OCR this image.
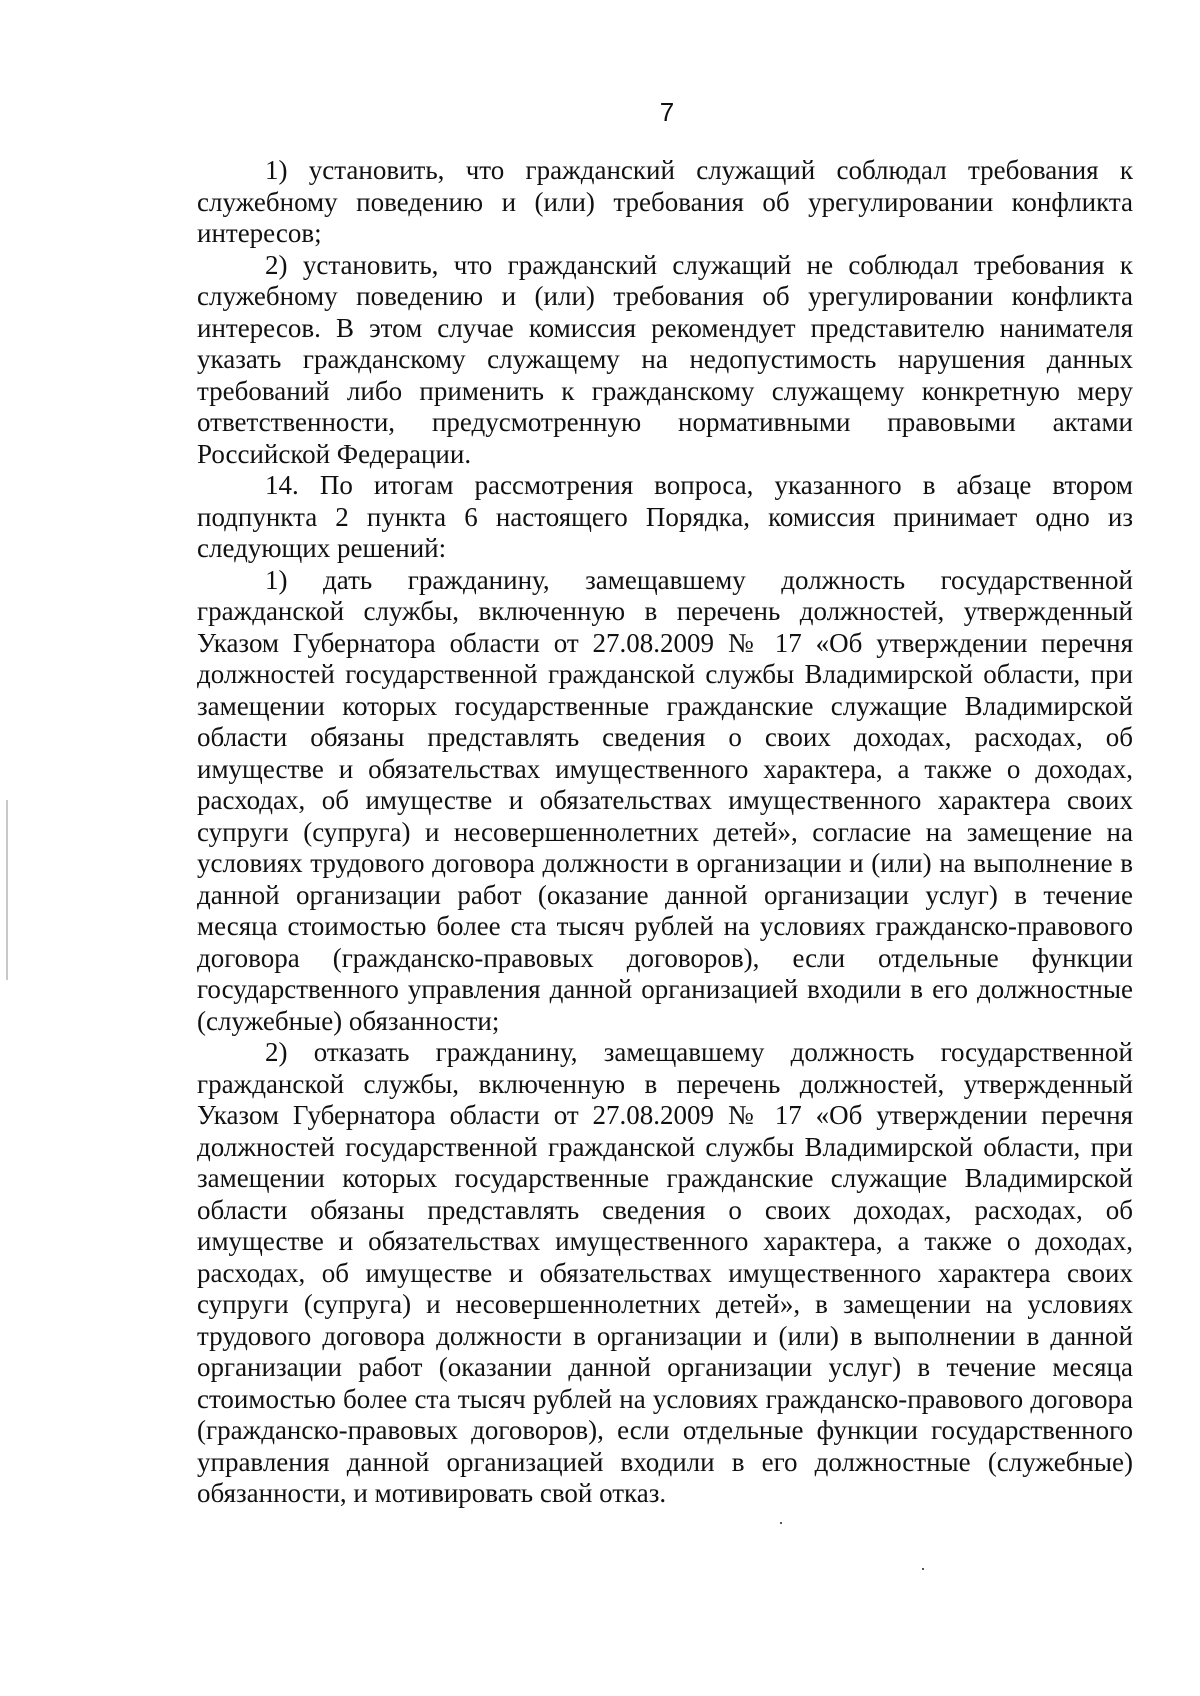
7

1) установить, что гражданский служащий соблюдал требования к служебному поведению и (или) требования об урегулировании конфликта интересов;

2) установить, что гражданский служащий не соблюдал требования к служебному поведению и (или) требования об урегулировании конфликта интересов. В этом случае комиссия рекомендует представителю нанимателя указать гражданскому служащему на недопустимость нарушения данных требований либо применить к гражданскому служащему конкретную меру ответственности, предусмотренную нормативными правовыми актами Российской Федерации.

14. По итогам рассмотрения вопроса, указанного в абзаце втором подпункта 2 пункта 6 настоящего Порядка, комиссия принимает одно из следующих решений:

1) дать гражданину, замещавшему должность государственной гражданской службы, включенную в перечень должностей, утвержденный Указом Губернатора области от 27.08.2009 № 17 «Об утверждении перечня должностей государственной гражданской службы Владимирской области, при замещении которых государственные гражданские служащие Владимирской области обязаны представлять сведения о своих доходах, расходах, об имуществе и обязательствах имущественного характера, а также о доходах, расходах, об имуществе и обязательствах имущественного характера своих супруги (супруга) и несовершеннолетних детей», согласие на замещение на условиях трудового договора должности в организации и (или) на выполнение в данной организации работ (оказание данной организации услуг) в течение месяца стоимостью более ста тысяч рублей на условиях гражданско-правового договора (гражданско-правовых договоров), если отдельные функции государственного управления данной организацией входили в его должностные (служебные) обязанности;

2) отказать гражданину, замещавшему должность государственной гражданской службы, включенную в перечень должностей, утвержденный Указом Губернатора области от 27.08.2009 № 17 «Об утверждении перечня должностей государственной гражданской службы Владимирской области, при замещении которых государственные гражданские служащие Владимирской области обязаны представлять сведения о своих доходах, расходах, об имуществе и обязательствах имущественного характера, а также о доходах, расходах, об имуществе и обязательствах имущественного характера своих супруги (супруга) и несовершеннолетних детей», в замещении на условиях трудового договора должности в организации и (или) в выполнении в данной организации работ (оказании данной организации услуг) в течение месяца стоимостью более ста тысяч рублей на условиях гражданско-правового договора (гражданско-правовых договоров), если отдельные функции государственного управления данной организацией входили в его должностные (служебные) обязанности, и мотивировать свой отказ.
